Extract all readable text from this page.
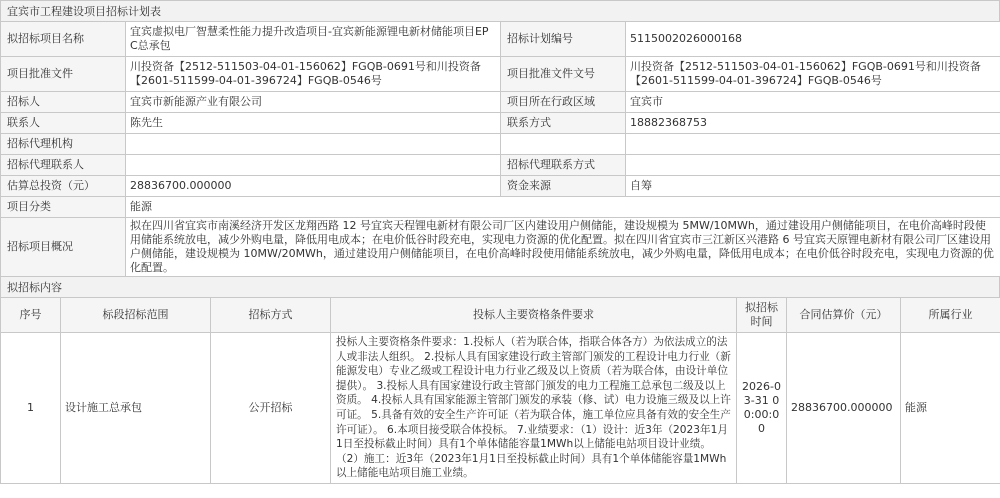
宜宾市工程建设项目招标计划表
拟招标项目名称	宜宾虚拟电厂智慧柔性能力提升改造项目-宜宾新能源锂电新材储能项目EPC总承包	招标计划编号	5115002026000168
项目批准文件	川投资备【2512-511503-04-01-156062】FGQB-0691号和川投资备【2601-511599-04-01-396724】FGQB-0546号	项目批准文件文号	川投资备【2512-511503-04-01-156062】FGQB-0691号和川投资备【2601-511599-04-01-396724】FGQB-0546号
招标人	宜宾市新能源产业有限公司	项目所在行政区域	宜宾市
联系人	陈先生	联系方式	18882368753
招标代理机构			
招标代理联系人		招标代理联系方式	
估算总投资（元）	28836700.000000	资金来源	自筹
项目分类	能源		
招标项目概况	拟在四川省宜宾市南溪经济开发区龙翔西路 12 号宜宾天程锂电新材有限公司厂区内建设用户侧储能，建设规模为 5MW/10MWh，通过建设用户侧储能项目，在电价高峰时段使用储能系统放电，减少外购电量，降低用电成本；在电价低谷时段充电，实现电力资源的优化配置。拟在四川省宜宾市三江新区兴港路 6 号宜宾天原锂电新材有限公司厂区建设用户侧储能，建设规模为 10MW/20MWh，通过建设用户侧储能项目，在电价高峰时段使用储能系统放电，减少外购电量，降低用电成本；在电价低谷时段充电，实现电力资源的优化配置。		
拟招标内容
序号	标段招标范围	招标方式	投标人主要资格条件要求	拟招标时间	合同估算价（元）	所属行业
1	设计施工总承包	公开招标	投标人主要资格条件要求：1.投标人（若为联合体，指联合体各方）为依法成立的法人或非法人组织。 2.投标人具有国家建设行政主管部门颁发的工程设计电力行业（新能源发电）专业乙级或工程设计电力行业乙级及以上资质（若为联合体，由设计单位提供）。 3.投标人具有国家建设行政主管部门颁发的电力工程施工总承包二级及以上资质。 4.投标人具有国家能源主管部门颁发的承装（修、试）电力设施三级及以上许可证。 5.具备有效的安全生产许可证（若为联合体，施工单位应具备有效的安全生产许可证）。 6.本项目接受联合体投标。 7.业绩要求：（1）设计：近3年（2023年1月1日至投标截止时间）具有1个单体储能容量1MWh以上储能电站项目设计业绩。 （2）施工：近3年（2023年1月1日至投标截止时间）具有1个单体储能容量1MWh以上储能电站项目施工业绩。	2026-03-31 00:00:00	28836700.000000	能源
